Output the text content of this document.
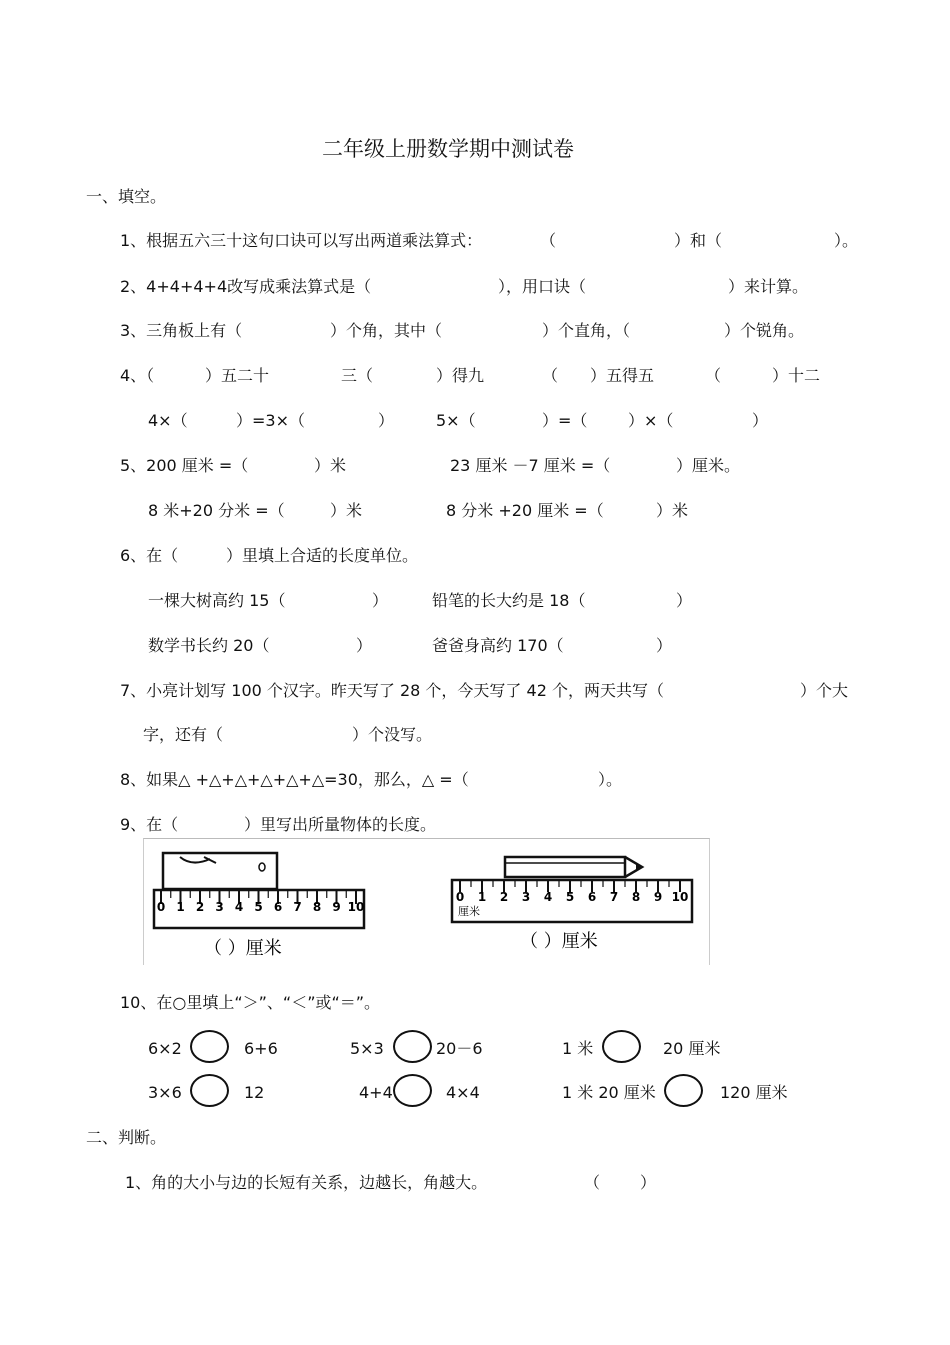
二年级上册数学期中测试卷
一、填空。
1、根据五六三十这句口诀可以写出两道乘法算式：	（	）和（	）。
2、4+4+4+4改写成乘法算式是（	），用口诀（	）来计算。
3、三角板上有（	）个角，其中（	）个直角，（	）个锐角。
4、（	）五二十	三（	）得九	（ ）五得五	（	）十二
4×（	）=3×（	）	5×（	）=（	）×（	）
5、200 厘米 =（	）米	23 厘米 －7 厘米 =（	）厘米。
8 米+20 分米 =（	）米	8 分米 +20 厘米 =（	）米
6、在（	）里填上合适的长度单位。
一棵大树高约 15（	）	铅笔的长大约是 18（	）
数学书长约 20（	）	爸爸身高约 170（	）
7、小亮计划写 100 个汉字。昨天写了 28 个，今天写了 42 个，两天共写（	）个大
字，还有（	）个没写。
8、如果△ +△+△+△+△+△=30，那么，△ =（	）。
9、在（	）里写出所量物体的长度。
0 1 2 3 4 5 6 7 8 9 10
（ ）厘米
0 1 2 3 4 5 6 7 8 9 10
厘米
（ ）厘米
10、在○里填上“＞”、“＜”或“＝”。
6×2	6+6	5×3	20－6	1 米	20 厘米
3×6	12	4+4	4×4	1 米 20 厘米	120 厘米
二、判断。
1、角的大小与边的长短有关系，边越长，角越大。	（ ）
